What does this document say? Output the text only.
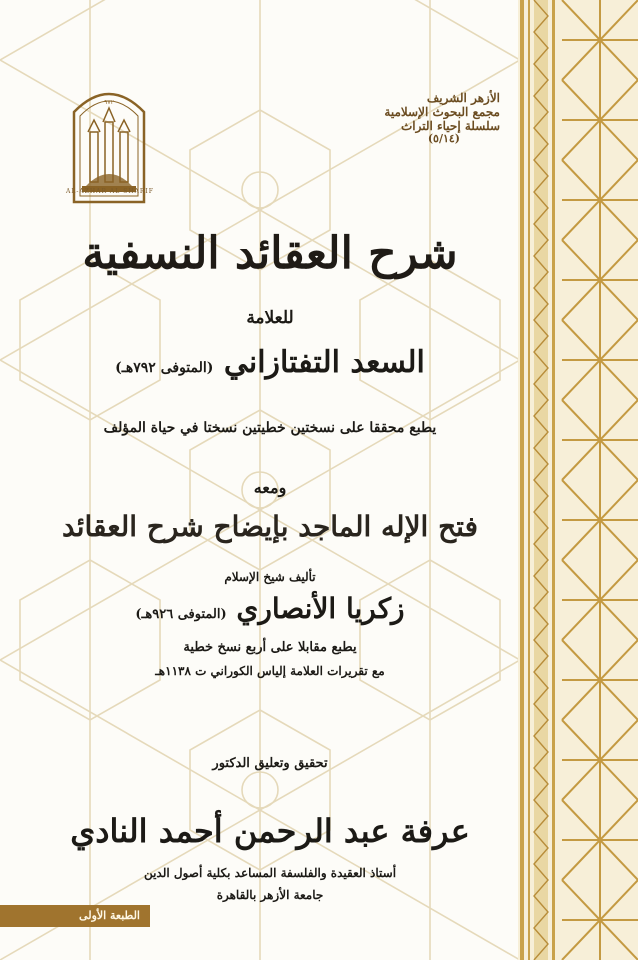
٩٧٢
AL-AZHAR AL-SHARIF
الأزهر الشريف
مجمع البحوث الإسلامية
سلسلة إحياء التراث
(٥/١٤)
شرح العقائد النسفية
للعلامة
السعد التفتازاني (المتوفى ٧٩٢هـ)
يطبع محققا على نسختين خطيتين نسختا في حياة المؤلف
ومعه
فتح الإله الماجد بإيضاح شرح العقائد
تأليف شيخ الإسلام
زكريا الأنصاري (المتوفى ٩٢٦هـ)
يطبع مقابلا على أربع نسخ خطية
مع تقريرات العلامة إلياس الكوراني ت ١١٣٨هـ
تحقيق وتعليق الدكتور
عرفة عبد الرحمن أحمد النادي
أستاذ العقيدة والفلسفة المساعد بكلية أصول الدين
جامعة الأزهر بالقاهرة
الطبعة الأولى
